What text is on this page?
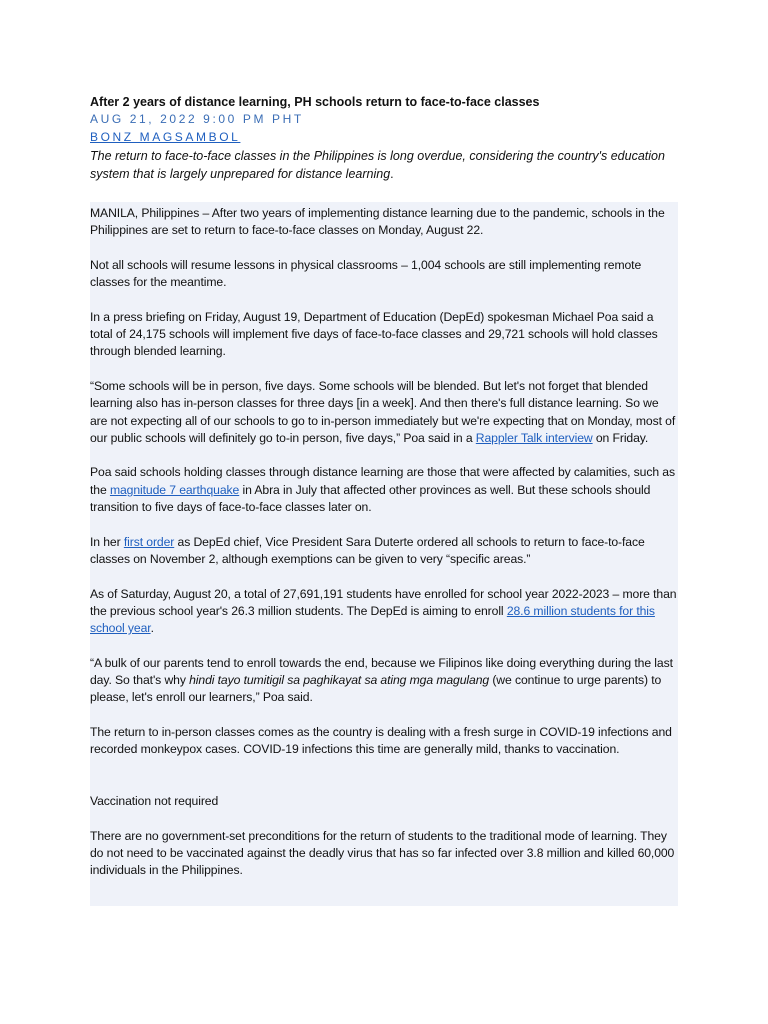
After 2 years of distance learning, PH schools return to face-to-face classes

AUG 21, 2022 9:00 PM PHT

BONZ MAGSAMBOL

The return to face-to-face classes in the Philippines is long overdue, considering the country's education system that is largely unprepared for distance learning.

MANILA, Philippines – After two years of implementing distance learning due to the pandemic, schools in the Philippines are set to return to face-to-face classes on Monday, August 22.

Not all schools will resume lessons in physical classrooms – 1,004 schools are still implementing remote classes for the meantime.

In a press briefing on Friday, August 19, Department of Education (DepEd) spokesman Michael Poa said a total of 24,175 schools will implement five days of face-to-face classes and 29,721 schools will hold classes through blended learning.

“Some schools will be in person, five days. Some schools will be blended. But let's not forget that blended learning also has in-person classes for three days [in a week]. And then there's full distance learning. So we are not expecting all of our schools to go to in-person immediately but we're expecting that on Monday, most of our public schools will definitely go to-in person, five days,” Poa said in a Rappler Talk interview on Friday.

Poa said schools holding classes through distance learning are those that were affected by calamities, such as the magnitude 7 earthquake in Abra in July that affected other provinces as well. But these schools should transition to five days of face-to-face classes later on.

In her first order as DepEd chief, Vice President Sara Duterte ordered all schools to return to face-to-face classes on November 2, although exemptions can be given to very “specific areas.”

As of Saturday, August 20, a total of 27,691,191 students have enrolled for school year 2022-2023 – more than the previous school year's 26.3 million students. The DepEd is aiming to enroll 28.6 million students for this school year.

“A bulk of our parents tend to enroll towards the end, because we Filipinos like doing everything during the last day. So that's why hindi tayo tumitigil sa paghikayat sa ating mga magulang (we continue to urge parents) to please, let's enroll our learners,” Poa said.

The return to in-person classes comes as the country is dealing with a fresh surge in COVID-19 infections and recorded monkeypox cases. COVID-19 infections this time are generally mild, thanks to vaccination.

Vaccination not required

There are no government-set preconditions for the return of students to the traditional mode of learning. They do not need to be vaccinated against the deadly virus that has so far infected over 3.8 million and killed 60,000 individuals in the Philippines.
